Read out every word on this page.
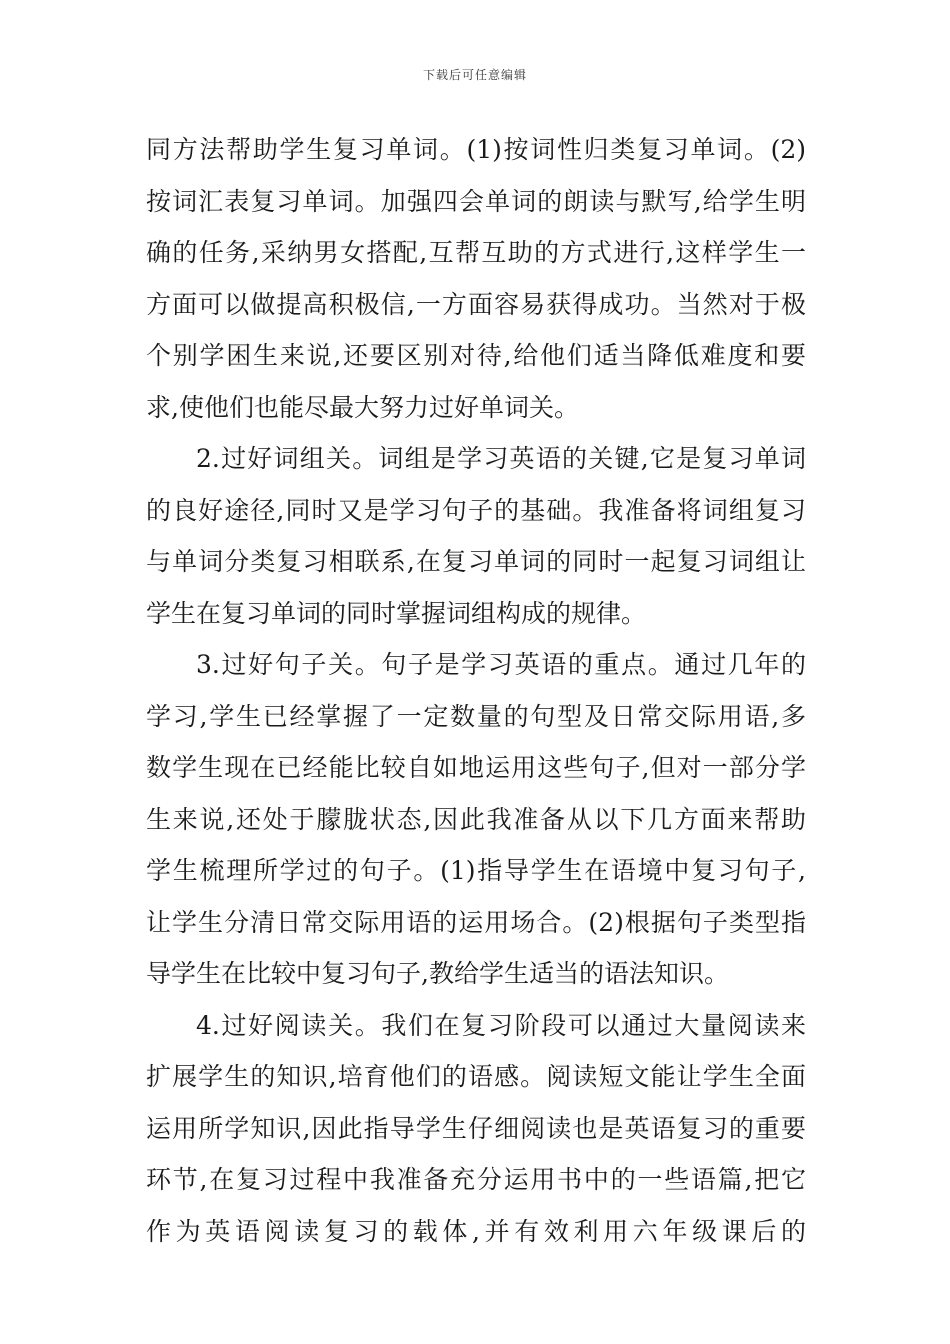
下载后可任意编辑
同方法帮助学生复习单词。(1)按词性归类复习单词。(2)
按词汇表复习单词。加强四会单词的朗读与默写,给学生明
确的任务,采纳男女搭配,互帮互助的方式进行,这样学生一
方面可以做提高积极信,一方面容易获得成功。当然对于极
个别学困生来说,还要区别对待,给他们适当降低难度和要
求,使他们也能尽最大努力过好单词关。
2.过好词组关。词组是学习英语的关键,它是复习单词
的良好途径,同时又是学习句子的基础。我准备将词组复习
与单词分类复习相联系,在复习单词的同时一起复习词组让
学生在复习单词的同时掌握词组构成的规律。
3.过好句子关。句子是学习英语的重点。通过几年的
学习,学生已经掌握了一定数量的句型及日常交际用语,多
数学生现在已经能比较自如地运用这些句子,但对一部分学
生来说,还处于朦胧状态,因此我准备从以下几方面来帮助
学生梳理所学过的句子。(1)指导学生在语境中复习句子,
让学生分清日常交际用语的运用场合。(2)根据句子类型指
导学生在比较中复习句子,教给学生适当的语法知识。
4.过好阅读关。我们在复习阶段可以通过大量阅读来
扩展学生的知识,培育他们的语感。阅读短文能让学生全面
运用所学知识,因此指导学生仔细阅读也是英语复习的重要
环节,在复习过程中我准备充分运用书中的一些语篇,把它
作为英语阅读复习的载体,并有效利用六年级课后的
